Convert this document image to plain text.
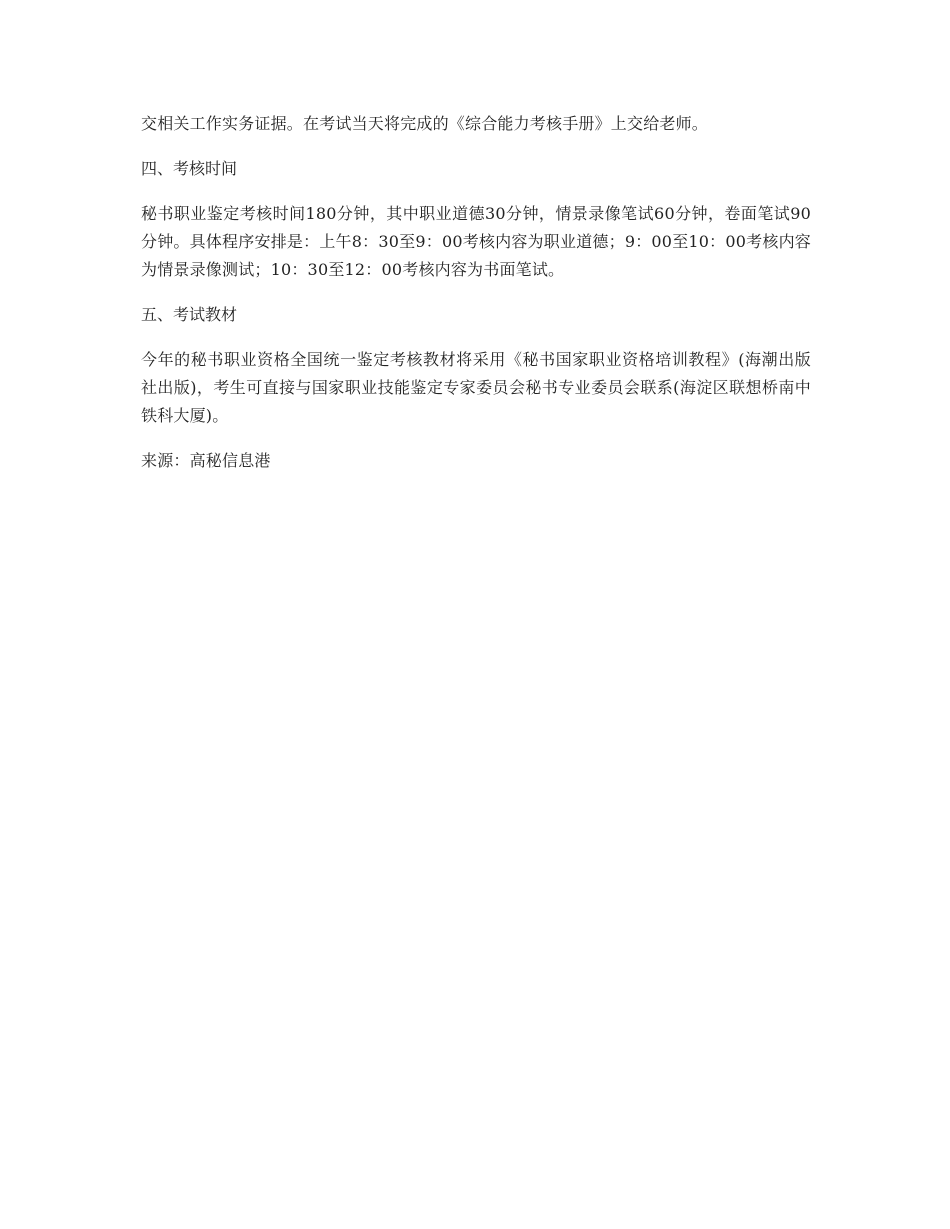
交相关工作实务证据。在考试当天将完成的《综合能力考核手册》上交给老师。

四、考核时间

秘书职业鉴定考核时间180分钟，其中职业道德30分钟，情景录像笔试60分钟，卷面笔试90分钟。具体程序安排是：上午8：30至9：00考核内容为职业道德；9：00至10：00考核内容为情景录像测试；10：30至12：00考核内容为书面笔试。

五、考试教材

今年的秘书职业资格全国统一鉴定考核教材将采用《秘书国家职业资格培训教程》(海潮出版社出版)，考生可直接与国家职业技能鉴定专家委员会秘书专业委员会联系(海淀区联想桥南中铁科大厦)。

来源：高秘信息港
